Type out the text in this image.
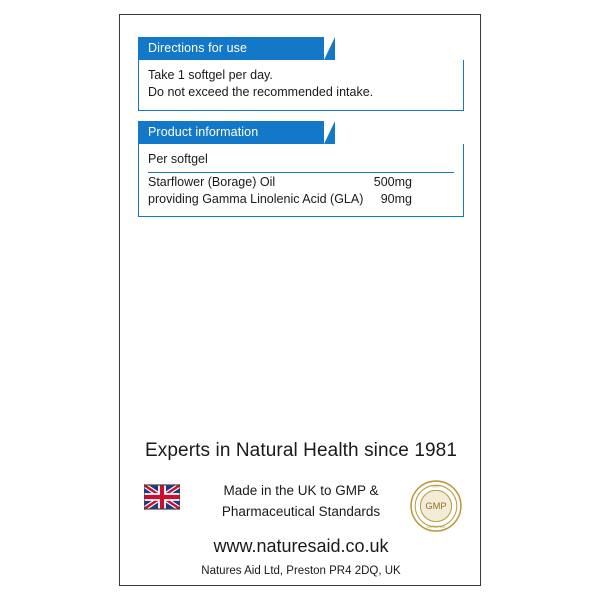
Directions for use
Take 1 softgel per day.
Do not exceed the recommended intake.
Product information
Per softgel
Starflower (Borage) Oil	500mg
providing Gamma Linolenic Acid (GLA)	90mg
Experts in Natural Health since 1981
Made in the UK to GMP &
Pharmaceutical Standards	GMP
GMP
CERTIFIED
www.naturesaid.co.uk
Natures Aid Ltd, Preston PR4 2DQ, UK
